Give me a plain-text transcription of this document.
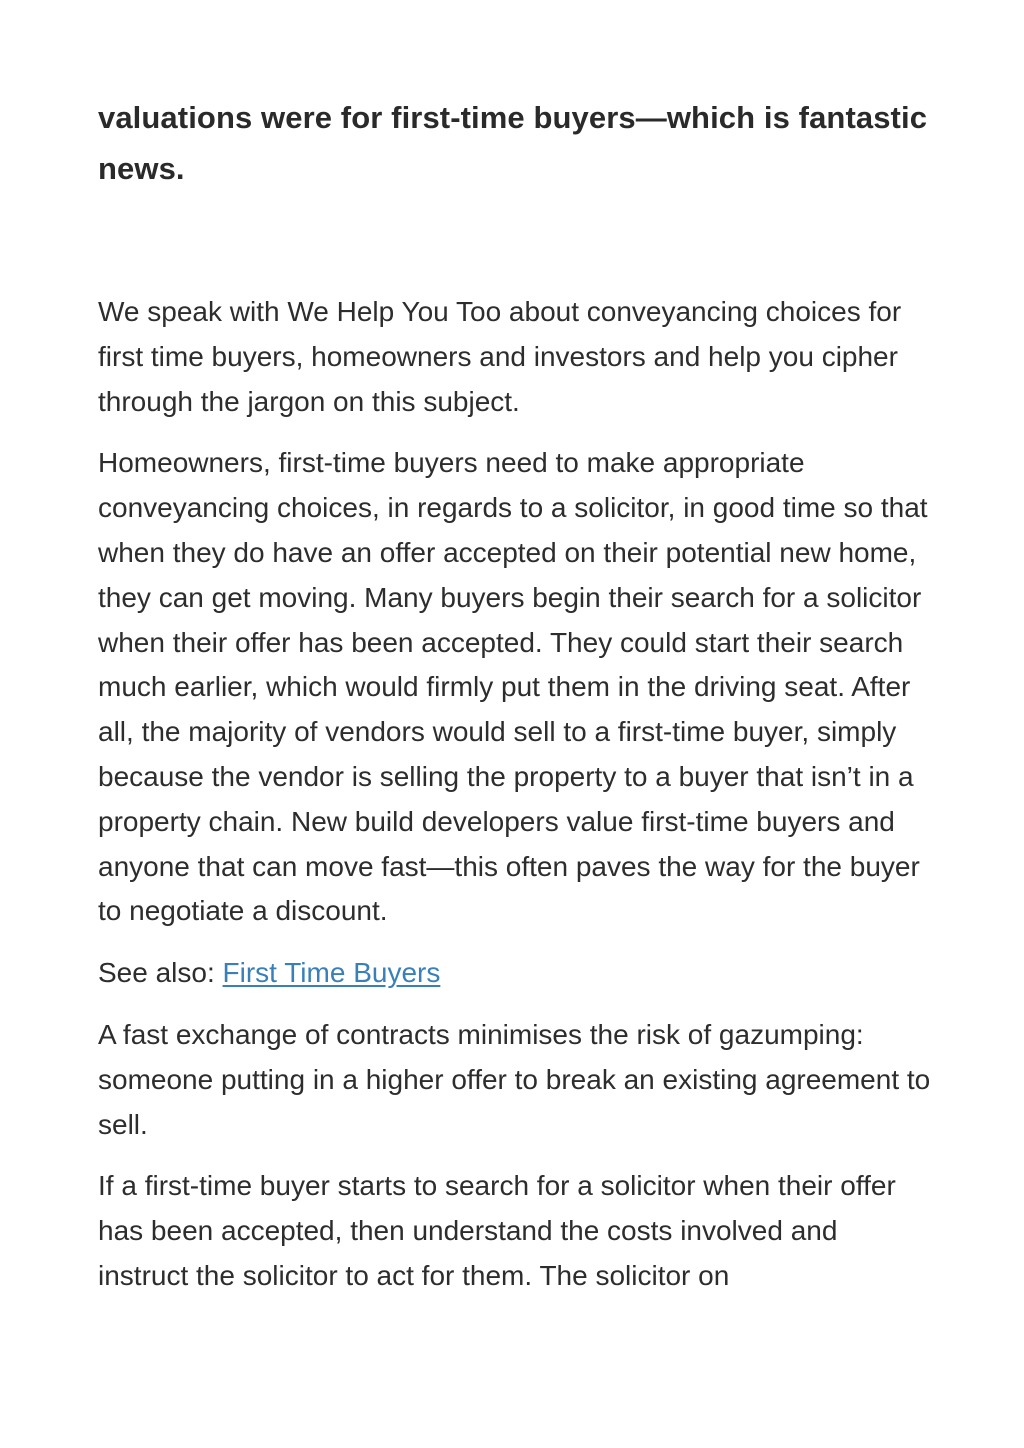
valuations were for first-time buyers—which is fantastic news.

We speak with We Help You Too about conveyancing choices for first time buyers, homeowners and investors and help you cipher through the jargon on this subject.

Homeowners, first-time buyers need to make appropriate conveyancing choices, in regards to a solicitor, in good time so that when they do have an offer accepted on their potential new home, they can get moving. Many buyers begin their search for a solicitor when their offer has been accepted. They could start their search much earlier, which would firmly put them in the driving seat. After all, the majority of vendors would sell to a first-time buyer, simply because the vendor is selling the property to a buyer that isn’t in a property chain. New build developers value first-time buyers and anyone that can move fast—this often paves the way for the buyer to negotiate a discount.

See also: First Time Buyers

A fast exchange of contracts minimises the risk of gazumping: someone putting in a higher offer to break an existing agreement to sell.

If a first-time buyer starts to search for a solicitor when their offer has been accepted, then understand the costs involved and instruct the solicitor to act for them. The solicitor on
